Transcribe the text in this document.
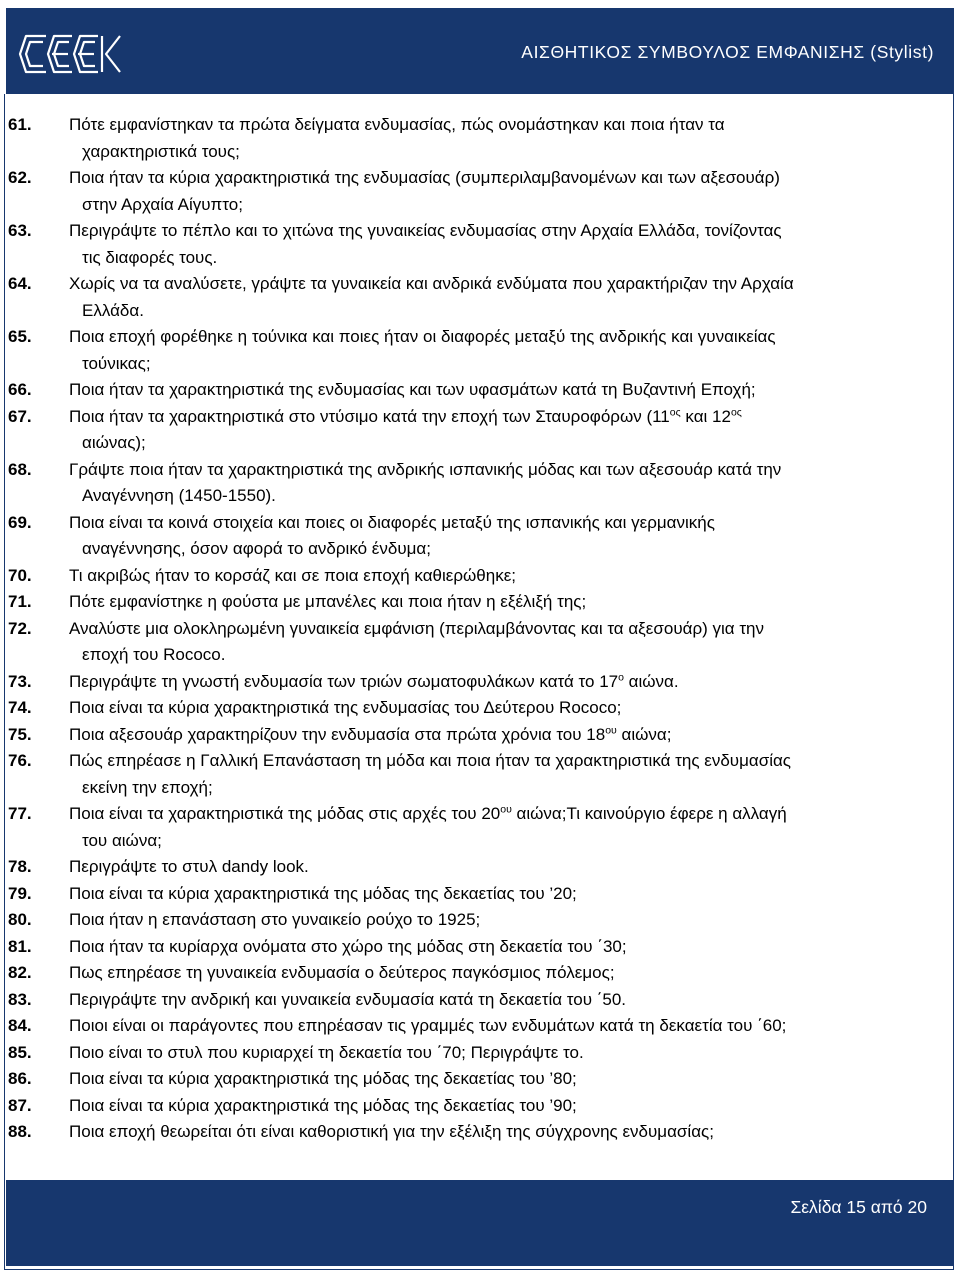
ΑΙΣΘΗΤΙΚΟΣ ΣΥΜΒΟΥΛΟΣ ΕΜΦΑΝΙΣΗΣ (Stylist)
61. Πότε εμφανίστηκαν τα πρώτα δείγματα ενδυμασίας, πώς ονομάστηκαν και ποια ήταν τα
χαρακτηριστικά τους;
62. Ποια ήταν τα κύρια χαρακτηριστικά της ενδυμασίας (συμπεριλαμβανομένων και των αξεσουάρ)
στην Αρχαία Αίγυπτο;
63. Περιγράψτε το πέπλο και το χιτώνα της γυναικείας ενδυμασίας στην Αρχαία Ελλάδα, τονίζοντας
τις διαφορές τους.
64. Χωρίς να τα αναλύσετε, γράψτε τα γυναικεία και ανδρικά ενδύματα που χαρακτήριζαν την Αρχαία
Ελλάδα.
65. Ποια εποχή φορέθηκε η τούνικα και ποιες ήταν οι διαφορές μεταξύ της ανδρικής και γυναικείας
τούνικας;
66. Ποια ήταν τα χαρακτηριστικά της ενδυμασίας και των υφασμάτων κατά τη Βυζαντινή Εποχή;
67. Ποια ήταν τα χαρακτηριστικά στο ντύσιμο κατά την εποχή των Σταυροφόρων ($11^{o\varsigma}$ και $12^{o\varsigma}$
αιώνας);
68. Γράψτε ποια ήταν τα χαρακτηριστικά της ανδρικής ισπανικής μόδας και των αξεσουάρ κατά την
Αναγέννηση (1450-1550).
69. Ποια είναι τα κοινά στοιχεία και ποιες οι διαφορές μεταξύ της ισπανικής και γερμανικής
αναγέννησης, όσον αφορά το ανδρικό ένδυμα;
70. Τι ακριβώς ήταν το κορσάζ και σε ποια εποχή καθιερώθηκε;
71. Πότε εμφανίστηκε η φούστα με μπανέλες και ποια ήταν η εξέλιξή της;
72. Αναλύστε μια ολοκληρωμένη γυναικεία εμφάνιση (περιλαμβάνοντας και τα αξεσουάρ) για την
εποχή του Rococo.
73. Περιγράψτε τη γνωστή ενδυμασία των τριών σωματοφυλάκων κατά το $17^o$ αιώνα.
74. Ποια είναι τα κύρια χαρακτηριστικά της ενδυμασίας του Δεύτερου Rococo;
75. Ποια αξεσουάρ χαρακτηρίζουν την ενδυμασία στα πρώτα χρόνια του $18^{o\upsilon}$ αιώνα;
76. Πώς επηρέασε η Γαλλική Επανάσταση τη μόδα και ποια ήταν τα χαρακτηριστικά της ενδυμασίας
εκείνη την εποχή;
77. Ποια είναι τα χαρακτηριστικά της μόδας στις αρχές του $20^{o\upsilon}$ αιώνα;Τι καινούργιο έφερε η αλλαγή
του αιώνα;
78. Περιγράψτε το στυλ dandy look.
79. Ποια είναι τα κύρια χαρακτηριστικά της μόδας της δεκαετίας του ’20;
80. Ποια ήταν η επανάσταση στο γυναικείο ρούχο το 1925;
81. Ποια ήταν τα κυρίαρχα ονόματα στο χώρο της μόδας στη δεκαετία του ΄30;
82. Πως επηρέασε τη γυναικεία ενδυμασία ο δεύτερος παγκόσμιος πόλεμος;
83. Περιγράψτε την ανδρική και γυναικεία ενδυμασία κατά τη δεκαετία του ΄50.
84. Ποιοι είναι οι παράγοντες που επηρέασαν τις γραμμές των ενδυμάτων κατά τη δεκαετία του ΄60;
85. Ποιο είναι το στυλ που κυριαρχεί τη δεκαετία του ΄70; Περιγράψτε το.
86. Ποια είναι τα κύρια χαρακτηριστικά της μόδας της δεκαετίας του ’80;
87. Ποια είναι τα κύρια χαρακτηριστικά της μόδας της δεκαετίας του ’90;
88. Ποια εποχή θεωρείται ότι είναι καθοριστική για την εξέλιξη της σύγχρονης ενδυμασίας;
Σελίδα 15 από 20
